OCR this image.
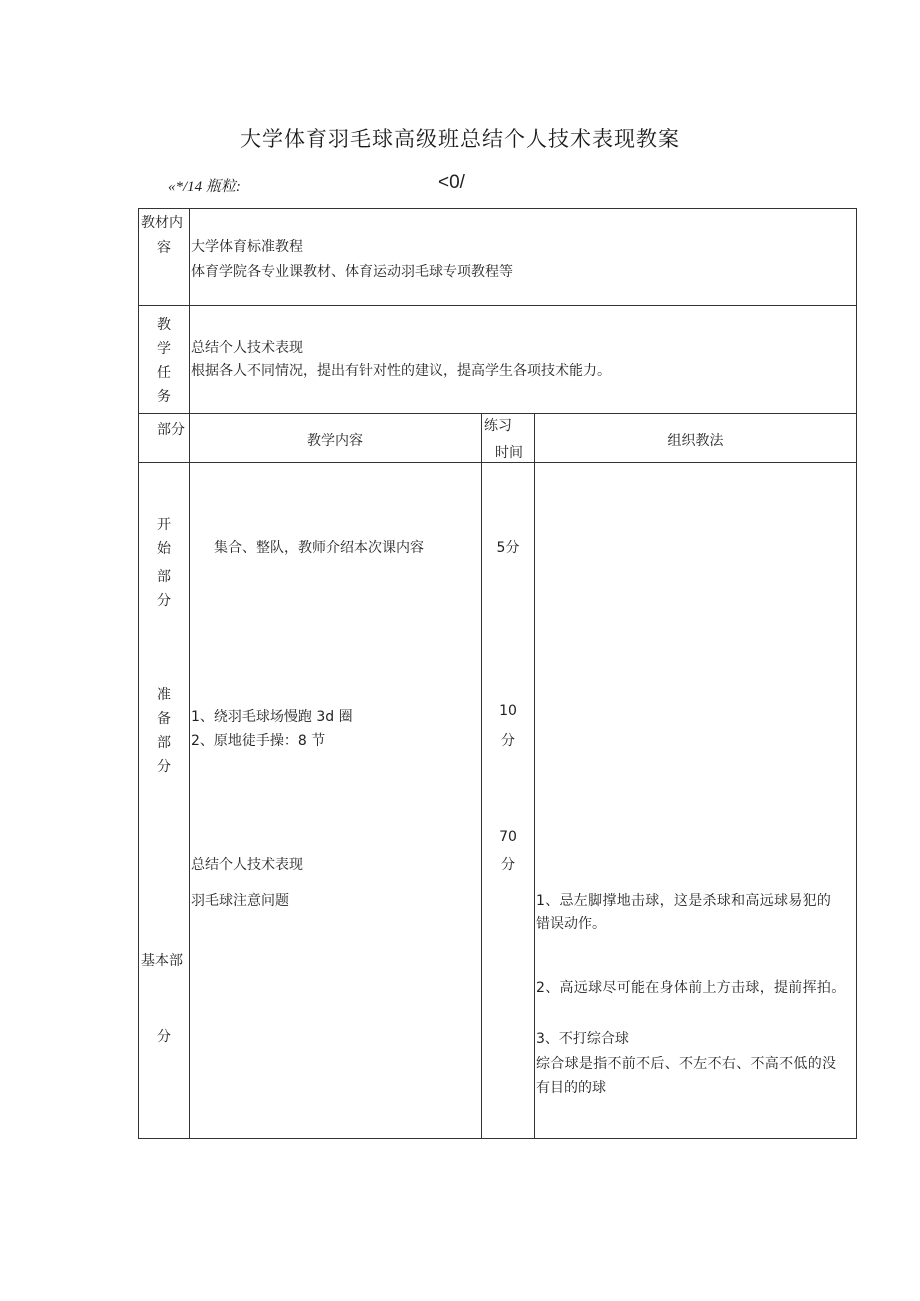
大学体育羽毛球高级班总结个人技术表现教案
«*/14 瓶粒:	<0/
教材内
容 大学体育标准教程
体育学院各专业课教材、体育运动羽毛球专项教程等
教
学
任
务
总结个人技术表现
根据各人不同情况，提出有针对性的建议，提高学生各项技术能力。
部分
教学内容
练习
时间
组织教法
开
始
部
分
集合、整队，教师介绍本次课内容	5分
准
备
部
分
1、绕羽毛球场慢跑 3d 圈
2、原地徒手操：8 节
10
分
基本部
分
总结个人技术表现
羽毛球注意问题
70
分
1、忌左脚撑地击球，这是杀球和高远球易犯的
错误动作。
2、高远球尽可能在身体前上方击球，提前挥拍。
3、不打综合球
综合球是指不前不后、不左不右、不高不低的没
有目的的球
